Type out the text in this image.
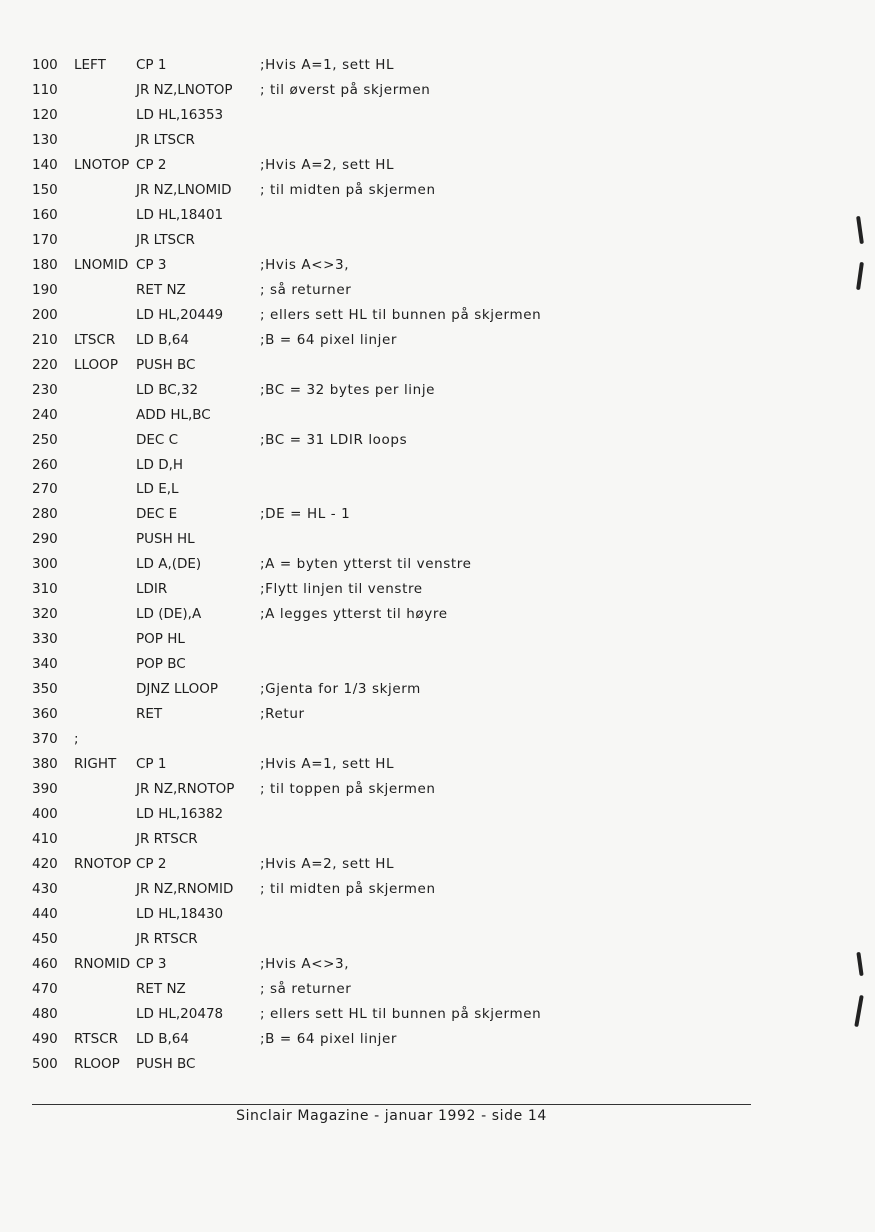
100 LEFT CP 1	;Hvis A=1, sett HL
110	JR NZ,LNOTOP ; til øverst på skjermen
120	LD HL,16353
130	JR LTSCR
140 LNOTOP CP 2	;Hvis A=2, sett HL
150	JR NZ,LNOMID ; til midten på skjermen
160	LD HL,18401
170	JR LTSCR
180 LNOMID CP 3	;Hvis A<>3,
190	RET NZ	; så returner
200	LD HL,20449	; ellers sett HL til bunnen på skjermen
210 LTSCR LD B,64	;B = 64 pixel linjer
220 LLOOP PUSH BC
230	LD BC,32	;BC = 32 bytes per linje
240	ADD HL,BC
250	DEC C	;BC = 31 LDIR loops
260	LD D,H
270	LD E,L
280	DEC E	;DE = HL - 1
290	PUSH HL
300	LD A,(DE)	;A = byten ytterst til venstre
310	LDIR	;Flytt linjen til venstre
320	LD (DE),A	;A legges ytterst til høyre
330	POP HL
340	POP BC
350	DJNZ LLOOP	;Gjenta for 1/3 skjerm
360	RET	;Retur
370 ;
380 RIGHT CP 1	;Hvis A=1, sett HL
390	JR NZ,RNOTOP ; til toppen på skjermen
400	LD HL,16382
410	JR RTSCR
420 RNOTOP CP 2	;Hvis A=2, sett HL
430	JR NZ,RNOMID ; til midten på skjermen
440	LD HL,18430
450	JR RTSCR
460 RNOMID CP 3	;Hvis A<>3,
470	RET NZ	; så returner
480	LD HL,20478	; ellers sett HL til bunnen på skjermen
490 RTSCR LD B,64	;B = 64 pixel linjer
500 RLOOP PUSH BC
Sinclair Magazine - januar 1992 - side 14
